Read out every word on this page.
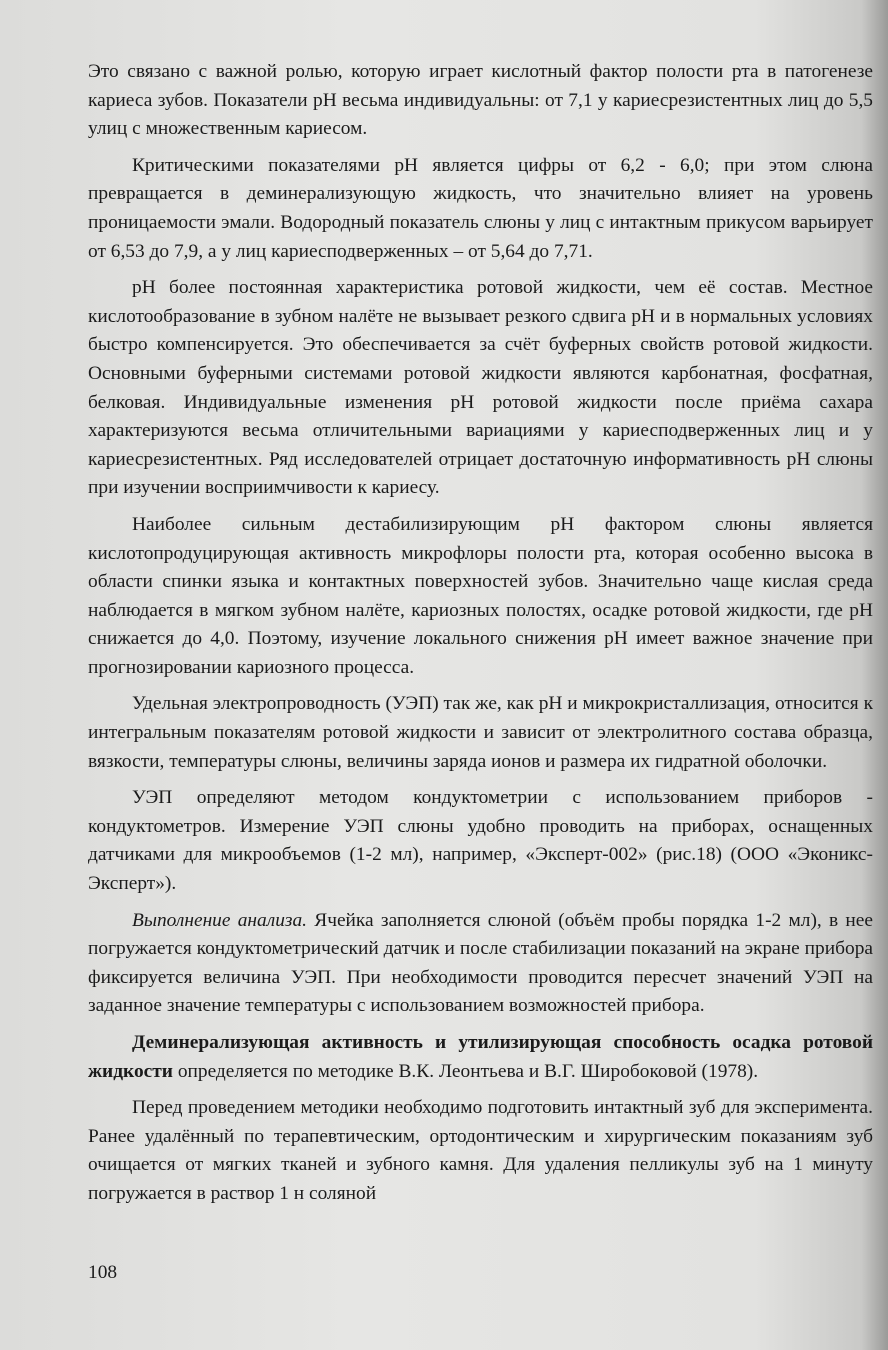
Это связано с важной ролью, которую играет кислотный фактор полости рта в патогенезе кариеса зубов. Показатели pH весьма индивидуальны: от 7,1 у кариесрезистентных лиц до 5,5 улиц с множественным кариесом.

Критическими показателями pH является цифры от 6,2 - 6,0; при этом слюна превращается в деминерализующую жидкость, что значительно влияет на уровень проницаемости эмали. Водородный показатель слюны у лиц с интактным прикусом варьирует от 6,53 до 7,9, а у лиц кариесподверженных – от 5,64 до 7,71.

pH более постоянная характеристика ротовой жидкости, чем её состав. Местное кислотообразование в зубном налёте не вызывает резкого сдвига pH и в нормальных условиях быстро компенсируется. Это обеспечивается за счёт буферных свойств ротовой жидкости. Основными буферными системами ротовой жидкости являются карбонатная, фосфатная, белковая. Индивидуальные изменения pH ротовой жидкости после приёма сахара характеризуются весьма отличительными вариациями у кариесподверженных лиц и у кариесрезистентных. Ряд исследователей отрицает достаточную информативность pH слюны при изучении восприимчивости к кариесу.

Наиболее сильным дестабилизирующим pH фактором слюны является кислотопродуцирующая активность микрофлоры полости рта, которая особенно высока в области спинки языка и контактных поверхностей зубов. Значительно чаще кислая среда наблюдается в мягком зубном налёте, кариозных полостях, осадке ротовой жидкости, где pH снижается до 4,0. Поэтому, изучение локального снижения pH имеет важное значение при прогнозировании кариозного процесса.

Удельная электропроводность (УЭП) так же, как pH и микрокристаллизация, относится к интегральным показателям ротовой жидкости и зависит от электролитного состава образца, вязкости, температуры слюны, величины заряда ионов и размера их гидратной оболочки.

УЭП определяют методом кондуктометрии с использованием приборов - кондуктометров. Измерение УЭП слюны удобно проводить на приборах, оснащенных датчиками для микрообъемов (1-2 мл), например, «Эксперт-002» (рис.18) (ООО «Эконикс-Эксперт»).

Выполнение анализа. Ячейка заполняется слюной (объём пробы порядка 1-2 мл), в нее погружается кондуктометрический датчик и после стабилизации показаний на экране прибора фиксируется величина УЭП. При необходимости проводится пересчет значений УЭП на заданное значение температуры с использованием возможностей прибора.

Деминерализующая активность и утилизирующая способность осадка ротовой жидкости определяется по методике В.К. Леонтьева и В.Г. Широбоковой (1978).

Перед проведением методики необходимо подготовить интактный зуб для эксперимента. Ранее удалённый по терапевтическим, ортодонтическим и хирургическим показаниям зуб очищается от мягких тканей и зубного камня. Для удаления пелликулы зуб на 1 минуту погружается в раствор 1 н соляной

108
